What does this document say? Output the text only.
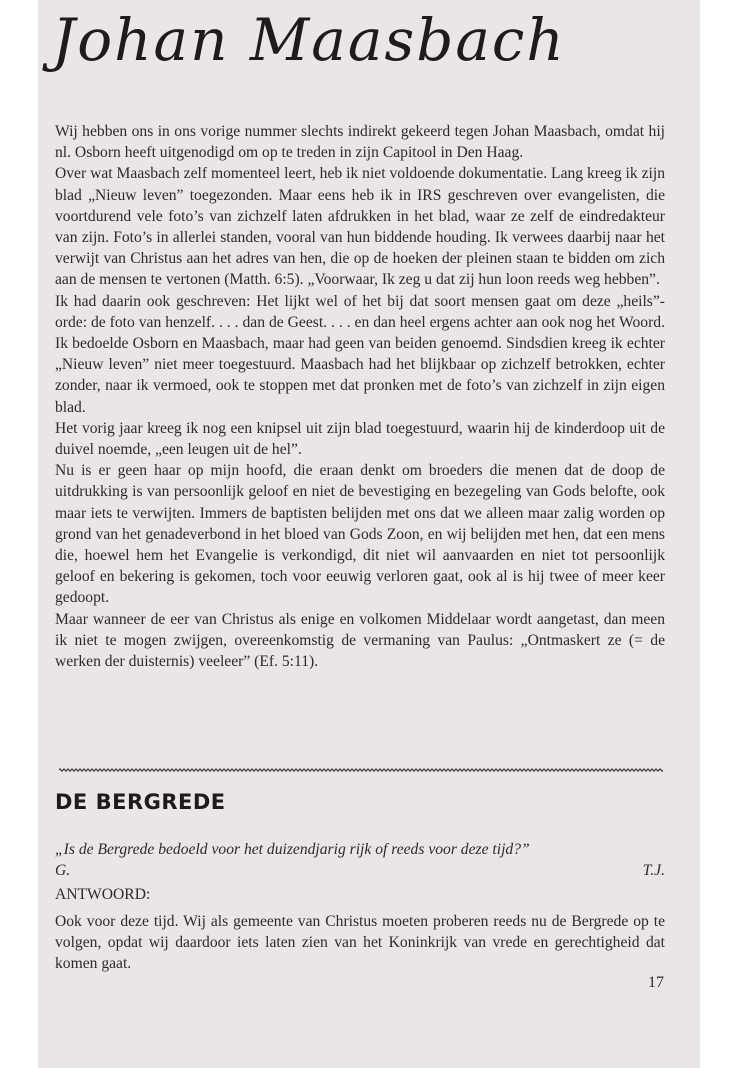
Johan Maasbach

Wij hebben ons in ons vorige nummer slechts indirekt gekeerd tegen Johan Maasbach, omdat hij nl. Osborn heeft uitgenodigd om op te treden in zijn Capitool in Den Haag.

Over wat Maasbach zelf momenteel leert, heb ik niet voldoende dokumentatie. Lang kreeg ik zijn blad „Nieuw leven” toegezonden. Maar eens heb ik in IRS geschreven over evangelisten, die voortdurend vele foto’s van zichzelf laten afdrukken in het blad, waar ze zelf de eindredakteur van zijn. Foto’s in allerlei standen, vooral van hun biddende houding. Ik verwees daarbij naar het verwijt van Christus aan het adres van hen, die op de hoeken der pleinen staan te bidden om zich aan de mensen te vertonen (Matth. 6:5). „Voorwaar, Ik zeg u dat zij hun loon reeds weg hebben”.

Ik had daarin ook geschreven: Het lijkt wel of het bij dat soort mensen gaat om deze „heils”-orde: de foto van henzelf. . . . dan de Geest. . . . en dan heel ergens achter aan ook nog het Woord. Ik bedoelde Osborn en Maasbach, maar had geen van beiden genoemd. Sindsdien kreeg ik echter „Nieuw leven” niet meer toegestuurd. Maasbach had het blijkbaar op zichzelf betrokken, echter zonder, naar ik vermoed, ook te stoppen met dat pronken met de foto’s van zichzelf in zijn eigen blad.

Het vorig jaar kreeg ik nog een knipsel uit zijn blad toegestuurd, waarin hij de kinderdoop uit de duivel noemde, „een leugen uit de hel”.

Nu is er geen haar op mijn hoofd, die eraan denkt om broeders die menen dat de doop de uitdrukking is van persoonlijk geloof en niet de bevestiging en bezegeling van Gods belofte, ook maar iets te verwijten. Immers de baptisten belijden met ons dat we alleen maar zalig worden op grond van het genadeverbond in het bloed van Gods Zoon, en wij belijden met hen, dat een mens die, hoewel hem het Evangelie is verkondigd, dit niet wil aanvaarden en niet tot persoonlijk geloof en bekering is gekomen, toch voor eeuwig verloren gaat, ook al is hij twee of meer keer gedoopt.

Maar wanneer de eer van Christus als enige en volkomen Middelaar wordt aangetast, dan meen ik niet te mogen zwijgen, overeenkomstig de vermaning van Paulus: „Ontmaskert ze (= de werken der duisternis) veeleer” (Ef. 5:11).

DE BERGREDE
„Is de Bergrede bedoeld voor het duizendjarig rijk of reeds voor deze tijd?”
G.	T.J.
ANTWOORD:

Ook voor deze tijd. Wij als gemeente van Christus moeten proberen reeds nu de Bergrede op te volgen, opdat wij daardoor iets laten zien van het Koninkrijk van vrede en gerechtigheid dat komen gaat.

17
